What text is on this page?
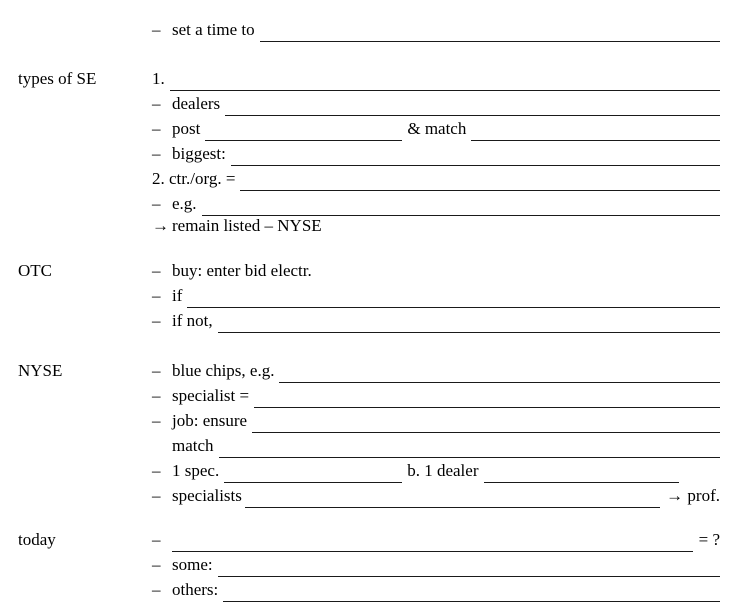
– set a time to
types of SE	1.
– dealers
– post	& match
– biggest:
2. ctr./org. =
– e.g.
→ remain listed – NYSE
OTC	– buy: enter bid electr.
– if
– if not,
NYSE	– blue chips, e.g.
– specialist =
– job: ensure
match
– 1 spec.	b. 1 dealer
– specialists	→ prof.
today	–	= ?
– some:
– others:
